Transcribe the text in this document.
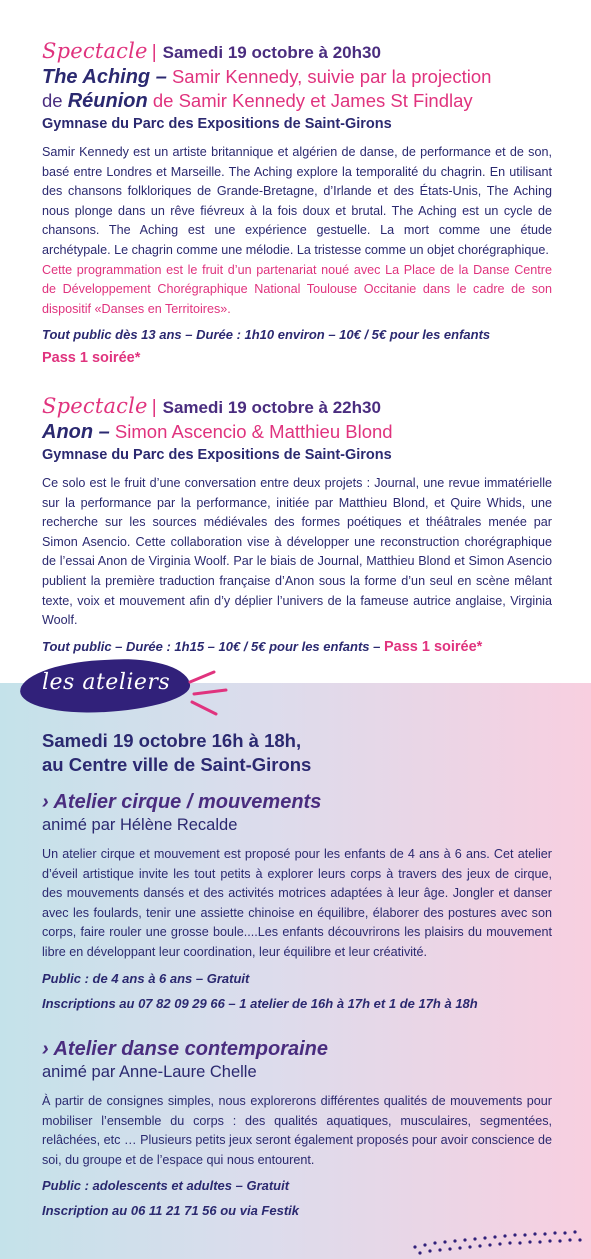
Spectacle | Samedi 19 octobre à 20h30
The Aching – Samir Kennedy, suivie par la projection
de Réunion de Samir Kennedy et James St Findlay
Gymnase du Parc des Expositions de Saint-Girons

Samir Kennedy est un artiste britannique et algérien de danse, de performance et de son, basé entre Londres et Marseille. The Aching explore la temporalité du chagrin. En utilisant des chansons folkloriques de Grande-Bretagne, d’Irlande et des États-Unis, The Aching nous plonge dans un rêve fiévreux à la fois doux et brutal. The Aching est un cycle de chansons. The Aching est une expérience gestuelle. La mort comme une étude archétypale. Le chagrin comme une mélodie. La tristesse comme un objet chorégraphique.

Cette programmation est le fruit d’un partenariat noué avec La Place de la Danse Centre de Développement Chorégraphique National Toulouse Occitanie dans le cadre de son dispositif «Danses en Territoires».

Tout public dès 13 ans – Durée : 1h10 environ – 10€ / 5€ pour les enfants
Pass 1 soirée*
Spectacle | Samedi 19 octobre à 22h30
Anon – Simon Ascencio & Matthieu Blond
Gymnase du Parc des Expositions de Saint-Girons

Ce solo est le fruit d’une conversation entre deux projets : Journal, une revue immatérielle sur la performance par la performance, initiée par Matthieu Blond, et Quire Whids, une recherche sur les sources médiévales des formes poétiques et théâtrales menée par Simon Asencio. Cette collaboration vise à développer une reconstruction chorégraphique de l’essai Anon de Virginia Woolf. Par le biais de Journal, Matthieu Blond et Simon Asencio publient la première traduction française d’Anon sous la forme d’un seul en scène mêlant texte, voix et mouvement afin d’y déplier l’univers de la fameuse autrice anglaise, Virginia Woolf.

Tout public – Durée : 1h15 – 10€ / 5€ pour les enfants – Pass 1 soirée*
les ateliers
Samedi 19 octobre 16h à 18h,
au Centre ville de Saint-Girons
› Atelier cirque / mouvements
animé par Hélène Recalde

Un atelier cirque et mouvement est proposé pour les enfants de 4 ans à 6 ans. Cet atelier d’éveil artistique invite les tout petits à explorer leurs corps à travers des jeux de cirque, des mouvements dansés et des activités motrices adaptées à leur âge. Jongler et danser avec les foulards, tenir une assiette chinoise en équilibre, élaborer des postures avec son corps, faire rouler une grosse boule....Les enfants découvrirons les plaisirs du mouvement libre en développant leur coordination, leur équilibre et leur créativité.

Public : de 4 ans à 6 ans – Gratuit
Inscriptions au 07 82 09 29 66 – 1 atelier de 16h à 17h et 1 de 17h à 18h
› Atelier danse contemporaine
animé par Anne-Laure Chelle

À partir de consignes simples, nous explorerons différentes qualités de mouvements pour mobiliser l’ensemble du corps : des qualités aquatiques, musculaires, segmentées, relâchées, etc … Plusieurs petits jeux seront également proposés pour avoir conscience de soi, du groupe et de l’espace qui nous entourent.

Public : adolescents et adultes – Gratuit
Inscription au 06 11 21 71 56 ou via Festik
